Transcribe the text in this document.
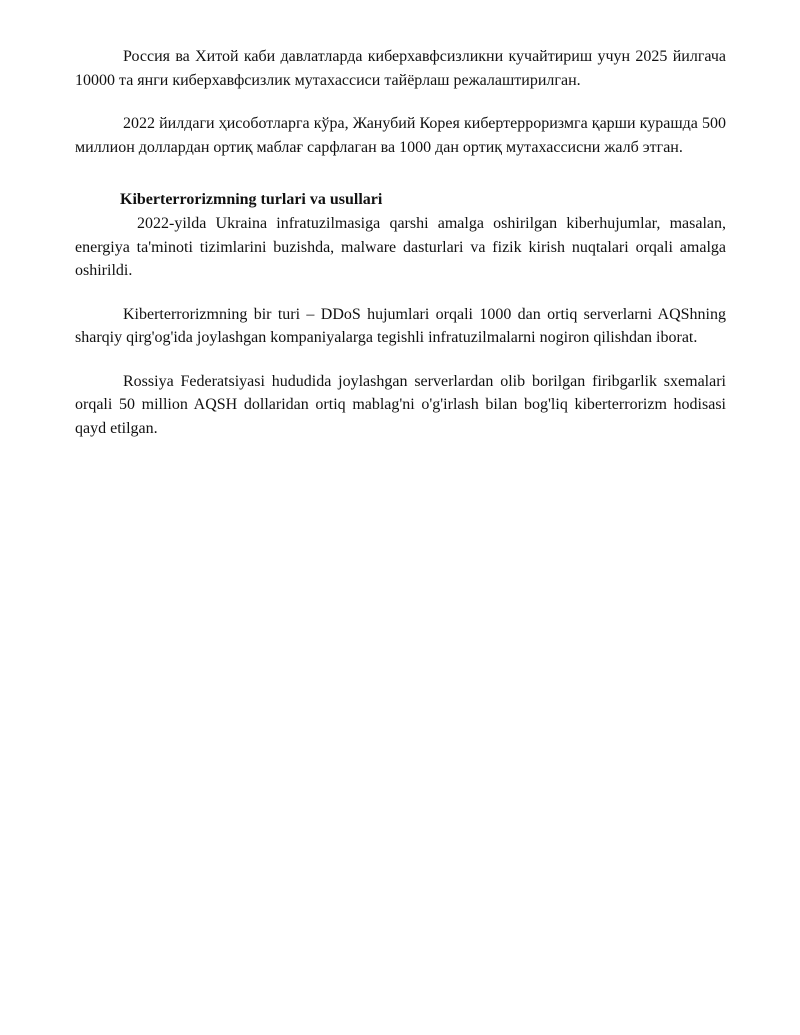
Россия ва Хитой каби давлатларда киберхавфсизликни кучайтириш учун 2025 йилгача 10000 та янги киберхавфсизлик мутахассиси тайёрлаш режалаштирилган.

2022 йилдаги ҳисоботларга кўра, Жанубий Корея кибертерроризмга қарши курашда 500 миллион доллардан ортиқ маблағ сарфлаган ва 1000 дан ортиқ мутахассисни жалб этган.

Kiberterrorizmning turlari va usullari

2022-yilda Ukraina infratuzilmasiga qarshi amalga oshirilgan kiberhujumlar, masalan, energiya ta'minoti tizimlarini buzishda, malware dasturlari va fizik kirish nuqtalari orqali amalga oshirildi.

Kiberterrorizmning bir turi – DDoS hujumlari orqali 1000 dan ortiq serverlarni AQShning sharqiy qirg'og'ida joylashgan kompaniyalarga tegishli infratuzilmalarni nogiron qilishdan iborat.

Rossiya Federatsiyasi hududida joylashgan serverlardan olib borilgan firibgarlik sxemalari orqali 50 million AQSH dollaridan ortiq mablag'ni o'g'irlash bilan bog'liq kiberterrorizm hodisasi qayd etilgan.
